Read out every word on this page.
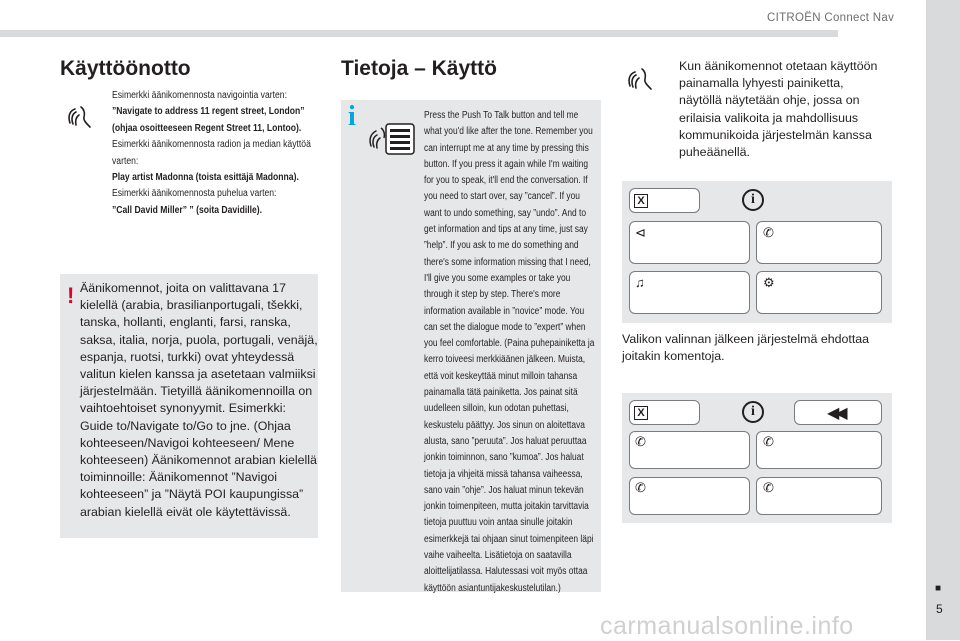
CITROËN Connect Nav
■
5
carmanualsonline.info
Käyttöönotto
Esimerkki äänikomennosta navigointia varten:
”Navigate to address 11 regent street, London” (ohjaa osoitteeseen Regent Street 11, Lontoo).
Esimerkki äänikomennosta radion ja median käyttöä varten:
Play artist Madonna (toista esittäjä Madonna).
Esimerkki äänikomennosta puhelua varten:
”Call David Miller” ” (soita Davidille).
! Äänikomennot, joita on valittavana 17 kielellä (arabia, brasilianportugali, tšekki, tanska, hollanti, englanti, farsi, ranska, saksa, italia, norja, puola, portugali, venäjä, espanja, ruotsi, turkki) ovat yhteydessä valitun kielen kanssa ja asetetaan valmiiksi järjestelmään. Tietyillä äänikomennoilla on vaihtoehtoiset synonyymit. Esimerkki: Guide to/Navigate to/Go to jne. (Ohjaa kohteeseen/Navigoi kohteeseen/ Mene kohteeseen) Äänikomennot arabian kielellä toiminnoille: Äänikomennot ”Navigoi kohteeseen” ja ”Näytä POI kaupungissa” arabian kielellä eivät ole käytettävissä.
Tietoja – Käyttö
i	Press the Push To Talk button and tell me what you'd like after the tone. Remember you can interrupt me at any time by pressing this button. If you press it again while I'm waiting for you to speak, it'll end the conversation. If you need to start over, say ”cancel”. If you want to undo something, say ”undo”. And to get information and tips at any time, just say ”help”. If you ask to me do something and there's some information missing that I need, I'll give you some examples or take you through it step by step. There's more information available in ”novice” mode. You can set the dialogue mode to ”expert” when you feel comfortable. (Paina puhepainiketta ja kerro toiveesi merkkiäänen jälkeen. Muista, että voit keskeyttää minut milloin tahansa painamalla tätä painiketta. Jos painat sitä uudelleen silloin, kun odotan puhettasi, keskustelu päättyy. Jos sinun on aloitettava alusta, sano ”peruuta”. Jos haluat peruuttaa jonkin toiminnon, sano ”kumoa”. Jos haluat tietoja ja vihjeitä missä tahansa vaiheessa, sano vain ”ohje”. Jos haluat minun tekevän jonkin toimenpiteen, mutta joitakin tarvittavia tietoja puuttuu voin antaa sinulle joitakin esimerkkejä tai ohjaan sinut toimenpiteen läpi vaihe vaiheelta. Lisätietoja on saatavilla aloittelijatilassa. Halutessasi voit myös ottaa käyttöön asiantuntijakeskustelutilan.)
Kun äänikomennot otetaan käyttöön painamalla lyhyesti painiketta, näytöllä näytetään ohje, jossa on erilaisia valikoita ja mahdollisuus kommunikoida järjestelmän kanssa puheäänellä.
X	i
⊲	✆
♫	⚙
Valikon valinnan jälkeen järjestelmä ehdottaa joitakin komentoja.
X	i	◀◀
✆	✆
✆	✆
